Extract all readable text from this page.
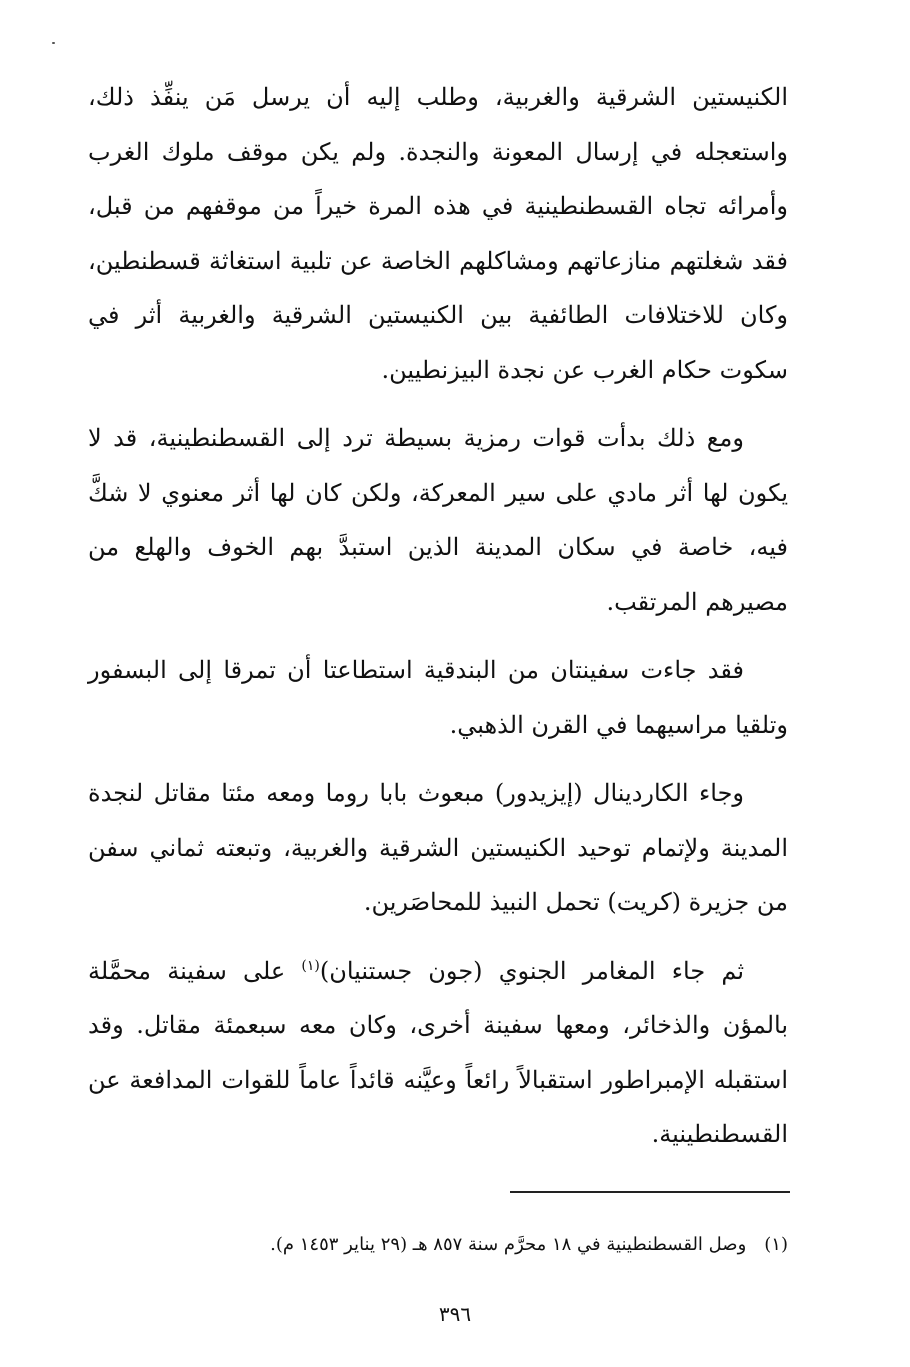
الكنيستين الشرقية والغربية، وطلب إليه أن يرسل مَن ينفِّذ ذلك، واستعجله في إرسال المعونة والنجدة. ولم يكن موقف ملوك الغرب وأمرائه تجاه القسطنطينية في هذه المرة خيراً من موقفهم من قبل، فقد شغلتهم منازعاتهم ومشاكلهم الخاصة عن تلبية استغاثة قسطنطين، وكان للاختلافات الطائفية بين الكنيستين الشرقية والغربية أثر في سكوت حكام الغرب عن نجدة البيزنطيين.

ومع ذلك بدأت قوات رمزية بسيطة ترد إلى القسطنطينية، قد لا يكون لها أثر مادي على سير المعركة، ولكن كان لها أثر معنوي لا شكَّ فيه، خاصة في سكان المدينة الذين استبدَّ بهم الخوف والهلع من مصيرهم المرتقب.

فقد جاءت سفينتان من البندقية استطاعتا أن تمرقا إلى البسفور وتلقيا مراسيهما في القرن الذهبي.

وجاء الكاردينال (إيزيدور) مبعوث بابا روما ومعه مئتا مقاتل لنجدة المدينة ولإتمام توحيد الكنيستين الشرقية والغربية، وتبعته ثماني سفن من جزيرة (كريت) تحمل النبيذ للمحاصَرين.

ثم جاء المغامر الجنوي (جون جستنيان)$^{(١)}$ على سفينة محمَّلة بالمؤن والذخائر، ومعها سفينة أخرى، وكان معه سبعمئة مقاتل. وقد استقبله الإمبراطور استقبالاً رائعاً وعيَّنه قائداً عاماً للقوات المدافعة عن القسطنطينية.

(١)وصل القسطنطينية في ١٨ محرَّم سنة ٨٥٧ هـ (٢٩ يناير ١٤٥٣ م).
٣٩٦
